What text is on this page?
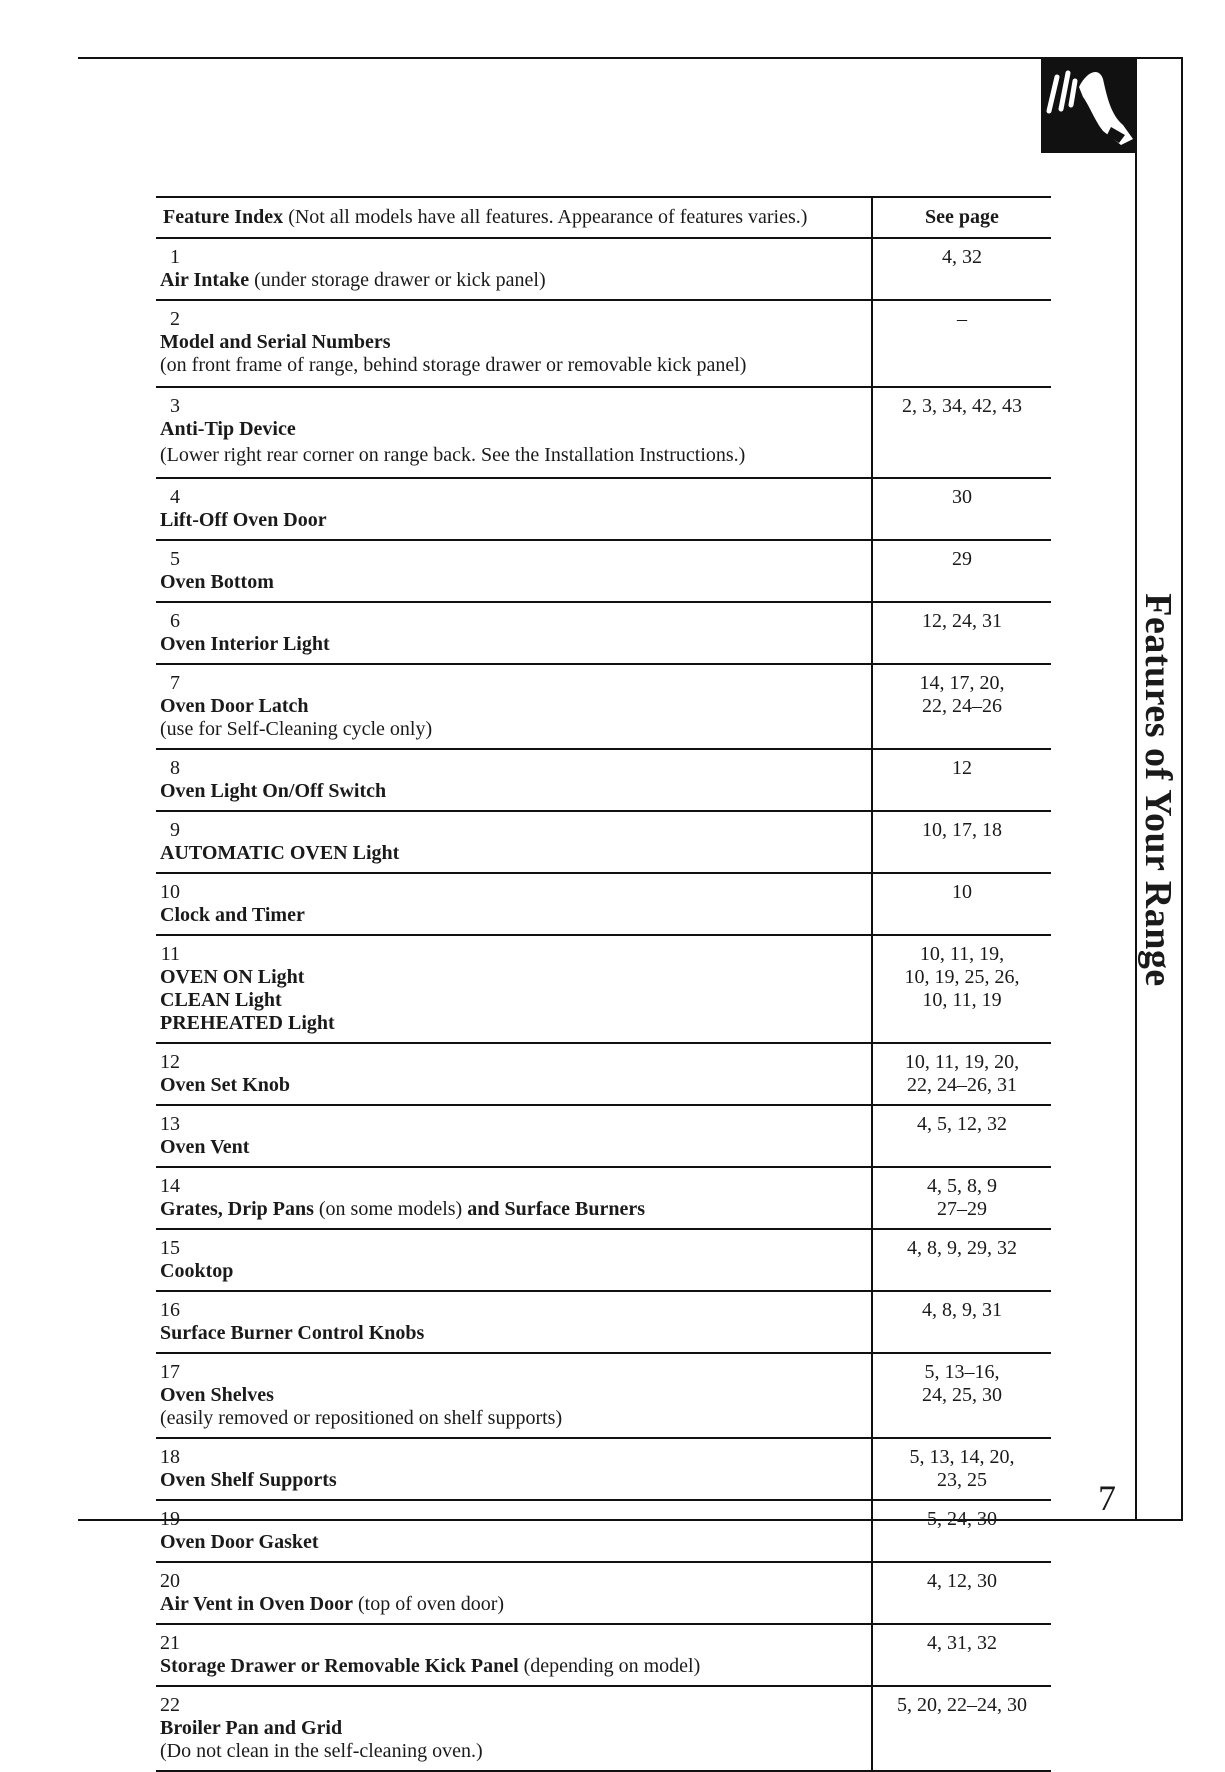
Features of Your Range
7
Feature Index (Not all models have all features. Appearance of features varies.)	See page
1Air Intake (under storage drawer or kick panel)	4, 32

2
Model and Serial Numbers
(on front frame of range, behind storage drawer or removable kick panel)	–

3
Anti-Tip Device
(Lower right rear corner on range back. See the Installation Instructions.)	2, 3, 34, 42, 43

4Lift-Off Oven Door	30

5Oven Bottom	29

6Oven Interior Light	12, 24, 31

7
Oven Door Latch
(use for Self-Cleaning cycle only)	14, 17, 20,
22, 24–26

8Oven Light On/Off Switch	12

9AUTOMATIC OVEN Light	10, 17, 18

10Clock and Timer	10

11
OVEN ON Light
CLEAN Light
PREHEATED Light	10, 11, 19,
10, 19, 25, 26,
10, 11, 19

12Oven Set Knob	10, 11, 19, 20,
22, 24–26, 31

13Oven Vent	4, 5, 12, 32

14Grates, Drip Pans (on some models) and Surface Burners	4, 5, 8, 9
27–29

15Cooktop	4, 8, 9, 29, 32

16Surface Burner Control Knobs	4, 8, 9, 31

17
Oven Shelves
(easily removed or repositioned on shelf supports)	5, 13–16,
24, 25, 30

18Oven Shelf Supports	5, 13, 14, 20,
23, 25

19Oven Door Gasket	5, 24, 30

20Air Vent in Oven Door (top of oven door)	4, 12, 30

21Storage Drawer or Removable Kick Panel (depending on model)	4, 31, 32

22
Broiler Pan and Grid
(Do not clean in the self-cleaning oven.)	5, 20, 22–24, 30
